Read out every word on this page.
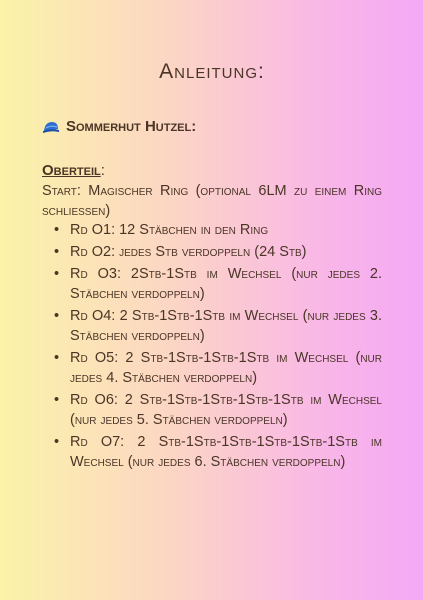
Anleitung:
Sommerhut Hutzel:
Oberteil:
Start: Magischer Ring (optional 6LM zu einem Ring schließen)
• Rd O1: 12 Stäbchen in den Ring
• Rd O2: jedes Stb verdoppeln (24 Stb)
• Rd O3: 2Stb-1Stb im Wechsel (nur jedes 2. Stäbchen verdoppeln)
• Rd O4: 2 Stb-1Stb-1Stb im Wechsel (nur jedes 3. Stäbchen verdoppeln)
• Rd O5: 2 Stb-1Stb-1Stb-1Stb im Wechsel (nur jedes 4. Stäbchen verdoppeln)
• Rd O6: 2 Stb-1Stb-1Stb-1Stb-1Stb im Wechsel (nur jedes 5. Stäbchen verdoppeln)
• Rd O7: 2 Stb-1Stb-1Stb-1Stb-1Stb-1Stb im Wechsel (nur jedes 6. Stäbchen verdoppeln)
